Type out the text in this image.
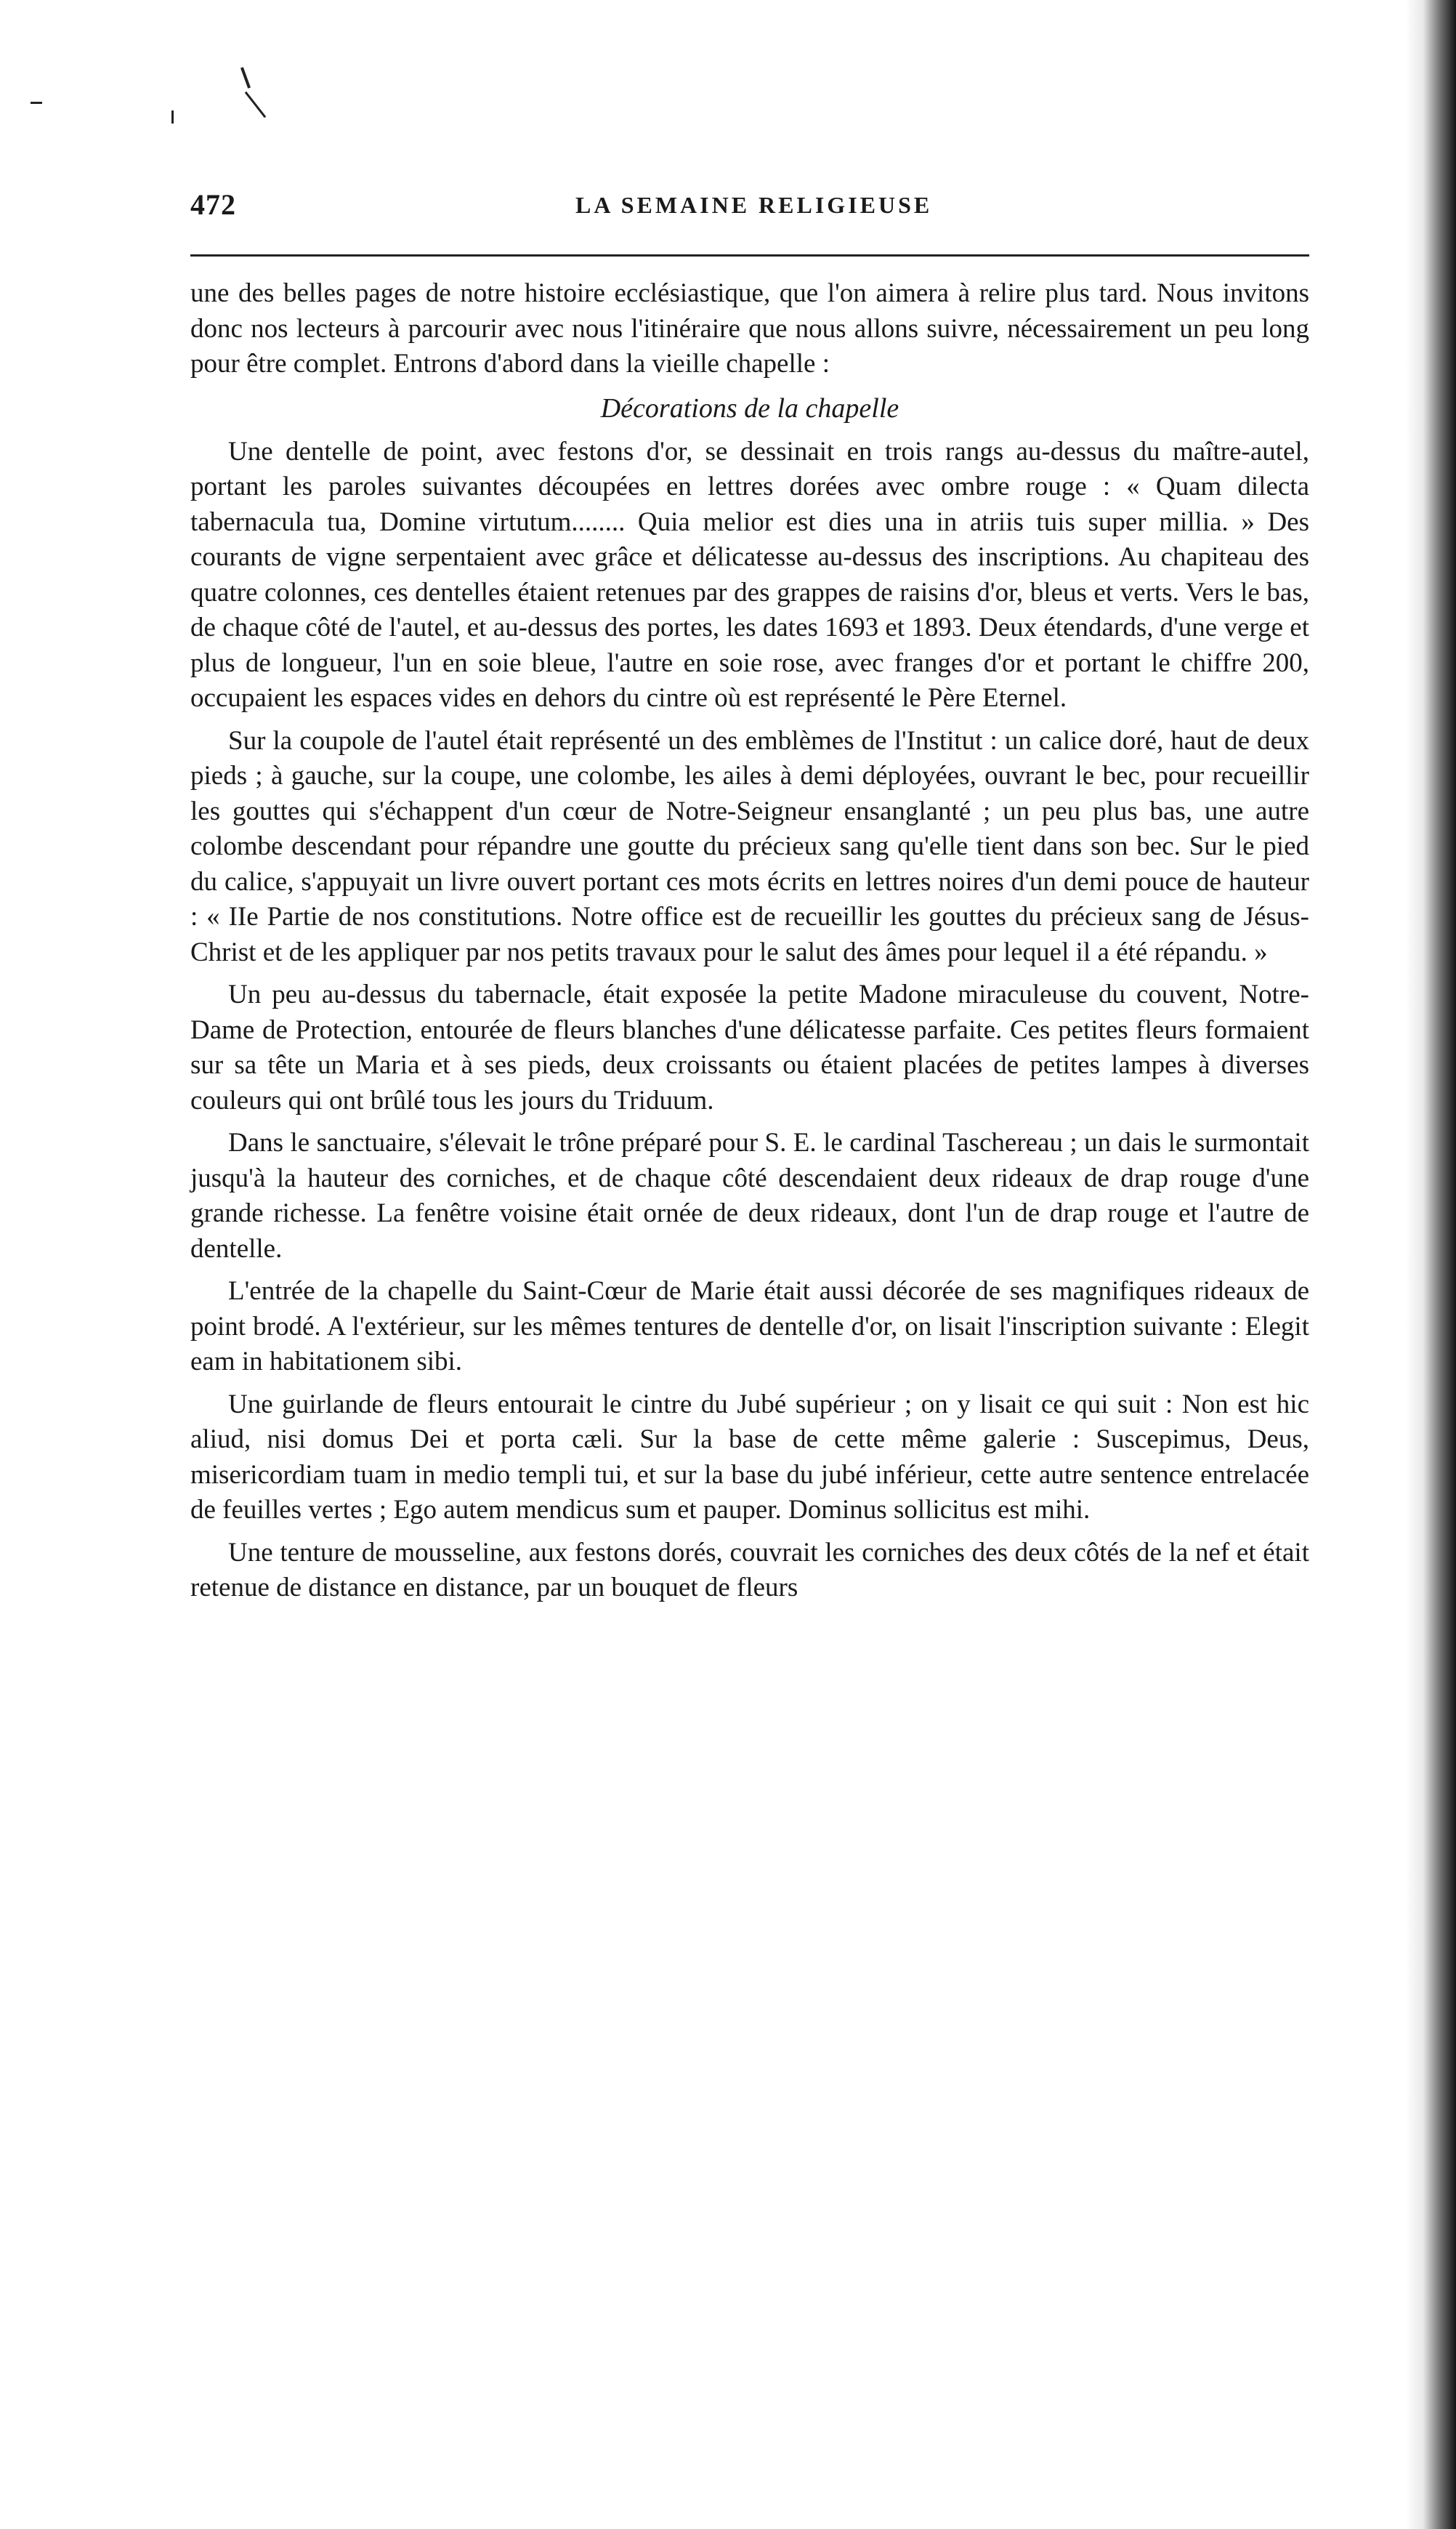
472	LA SEMAINE RELIGIEUSE

une des belles pages de notre histoire ecclésiastique, que l'on aimera à relire plus tard. Nous invitons donc nos lecteurs à parcourir avec nous l'itinéraire que nous allons suivre, nécessairement un peu long pour être complet. Entrons d'abord dans la vieille chapelle :

Décorations de la chapelle

Une dentelle de point, avec festons d'or, se dessinait en trois rangs au-dessus du maître-autel, portant les paroles suivantes découpées en lettres dorées avec ombre rouge : « Quam dilecta tabernacula tua, Domine virtutum........ Quia melior est dies una in atriis tuis super millia. » Des courants de vigne serpentaient avec grâce et délicatesse au-dessus des inscriptions. Au chapiteau des quatre colonnes, ces dentelles étaient retenues par des grappes de raisins d'or, bleus et verts. Vers le bas, de chaque côté de l'autel, et au-dessus des portes, les dates 1693 et 1893. Deux étendards, d'une verge et plus de longueur, l'un en soie bleue, l'autre en soie rose, avec franges d'or et portant le chiffre 200, occupaient les espaces vides en dehors du cintre où est représenté le Père Eternel.

Sur la coupole de l'autel était représenté un des emblèmes de l'Institut : un calice doré, haut de deux pieds ; à gauche, sur la coupe, une colombe, les ailes à demi déployées, ouvrant le bec, pour recueillir les gouttes qui s'échappent d'un cœur de Notre-Seigneur ensanglanté ; un peu plus bas, une autre colombe descendant pour répandre une goutte du précieux sang qu'elle tient dans son bec. Sur le pied du calice, s'appuyait un livre ouvert portant ces mots écrits en lettres noires d'un demi pouce de hauteur : « IIe Partie de nos constitutions. Notre office est de recueillir les gouttes du précieux sang de Jésus-Christ et de les appliquer par nos petits travaux pour le salut des âmes pour lequel il a été répandu. »

Un peu au-dessus du tabernacle, était exposée la petite Madone miraculeuse du couvent, Notre-Dame de Protection, entourée de fleurs blanches d'une délicatesse parfaite. Ces petites fleurs formaient sur sa tête un Maria et à ses pieds, deux croissants ou étaient placées de petites lampes à diverses couleurs qui ont brûlé tous les jours du Triduum.

Dans le sanctuaire, s'élevait le trône préparé pour S. E. le cardinal Taschereau ; un dais le surmontait jusqu'à la hauteur des corniches, et de chaque côté descendaient deux rideaux de drap rouge d'une grande richesse. La fenêtre voisine était ornée de deux rideaux, dont l'un de drap rouge et l'autre de dentelle.

L'entrée de la chapelle du Saint-Cœur de Marie était aussi décorée de ses magnifiques rideaux de point brodé. A l'extérieur, sur les mêmes tentures de dentelle d'or, on lisait l'inscription suivante : Elegit eam in habitationem sibi.

Une guirlande de fleurs entourait le cintre du Jubé supérieur ; on y lisait ce qui suit : Non est hic aliud, nisi domus Dei et porta cæli. Sur la base de cette même galerie : Suscepimus, Deus, misericordiam tuam in medio templi tui, et sur la base du jubé inférieur, cette autre sentence entrelacée de feuilles vertes ; Ego autem mendicus sum et pauper. Dominus sollicitus est mihi.

Une tenture de mousseline, aux festons dorés, couvrait les corniches des deux côtés de la nef et était retenue de distance en distance, par un bouquet de fleurs
